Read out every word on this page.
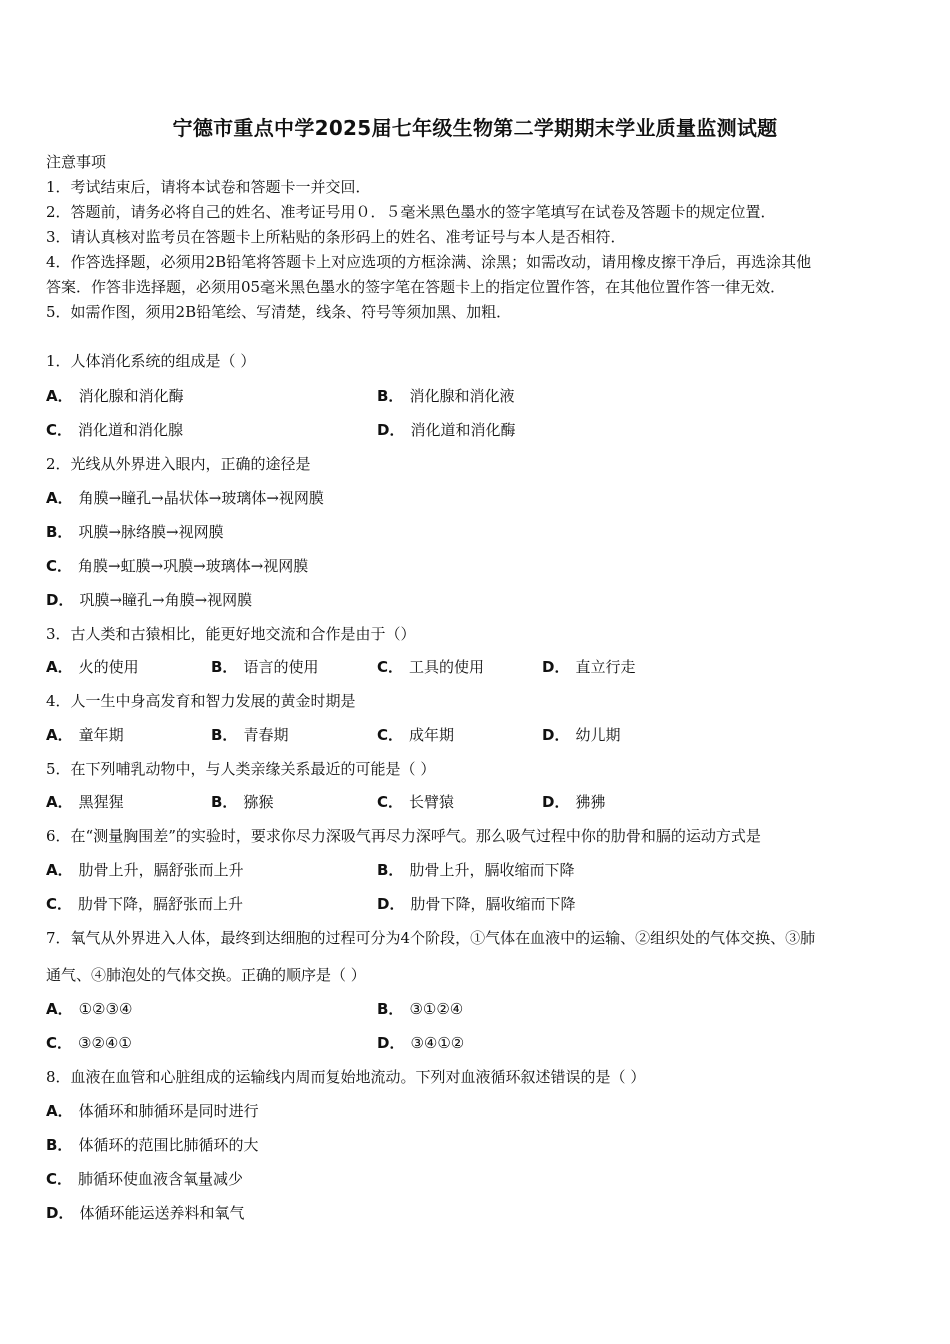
宁德市重点中学2025届七年级生物第二学期期末学业质量监测试题
注意事项
1．考试结束后，请将本试卷和答题卡一并交回．
2．答题前，请务必将自己的姓名、准考证号用０．５毫米黑色墨水的签字笔填写在试卷及答题卡的规定位置．
3．请认真核对监考员在答题卡上所粘贴的条形码上的姓名、准考证号与本人是否相符．
4．作答选择题，必须用2B铅笔将答题卡上对应选项的方框涂满、涂黑；如需改动，请用橡皮擦干净后，再选涂其他
答案．作答非选择题，必须用05毫米黑色墨水的签字笔在答题卡上的指定位置作答，在其他位置作答一律无效．
5．如需作图，须用2B铅笔绘、写清楚，线条、符号等须加黑、加粗．
1．人体消化系统的组成是（ ）
A． 消化腺和消化酶	B． 消化腺和消化液
C． 消化道和消化腺	D． 消化道和消化酶
2．光线从外界进入眼内，正确的途径是
A． 角膜→瞳孔→晶状体→玻璃体→视网膜
B． 巩膜→脉络膜→视网膜
C． 角膜→虹膜→巩膜→玻璃体→视网膜
D． 巩膜→瞳孔→角膜→视网膜
3．古人类和古猿相比，能更好地交流和合作是由于（）
A． 火的使用	B． 语言的使用	C． 工具的使用	D． 直立行走
4．人一生中身高发育和智力发展的黄金时期是
A． 童年期	B． 青春期	C． 成年期	D． 幼儿期
5．在下列哺乳动物中，与人类亲缘关系最近的可能是（ ）
A． 黑猩猩	B． 猕猴	C． 长臂猿	D． 狒狒
6．在“测量胸围差”的实验时，要求你尽力深吸气再尽力深呼气。那么吸气过程中你的肋骨和膈的运动方式是
A． 肋骨上升，膈舒张而上升	B． 肋骨上升，膈收缩而下降
C． 肋骨下降，膈舒张而上升	D． 肋骨下降，膈收缩而下降
7．氧气从外界进入人体，最终到达细胞的过程可分为4个阶段，①气体在血液中的运输、②组织处的气体交换、③肺
通气、④肺泡处的气体交换。正确的顺序是（ ）
A． ①②③④	B． ③①②④
C． ③②④①	D． ③④①②
8．血液在血管和心脏组成的运输线内周而复始地流动。下列对血液循环叙述错误的是（ ）
A． 体循环和肺循环是同时进行
B． 体循环的范围比肺循环的大
C． 肺循环使血液含氧量减少
D． 体循环能运送养料和氧气
